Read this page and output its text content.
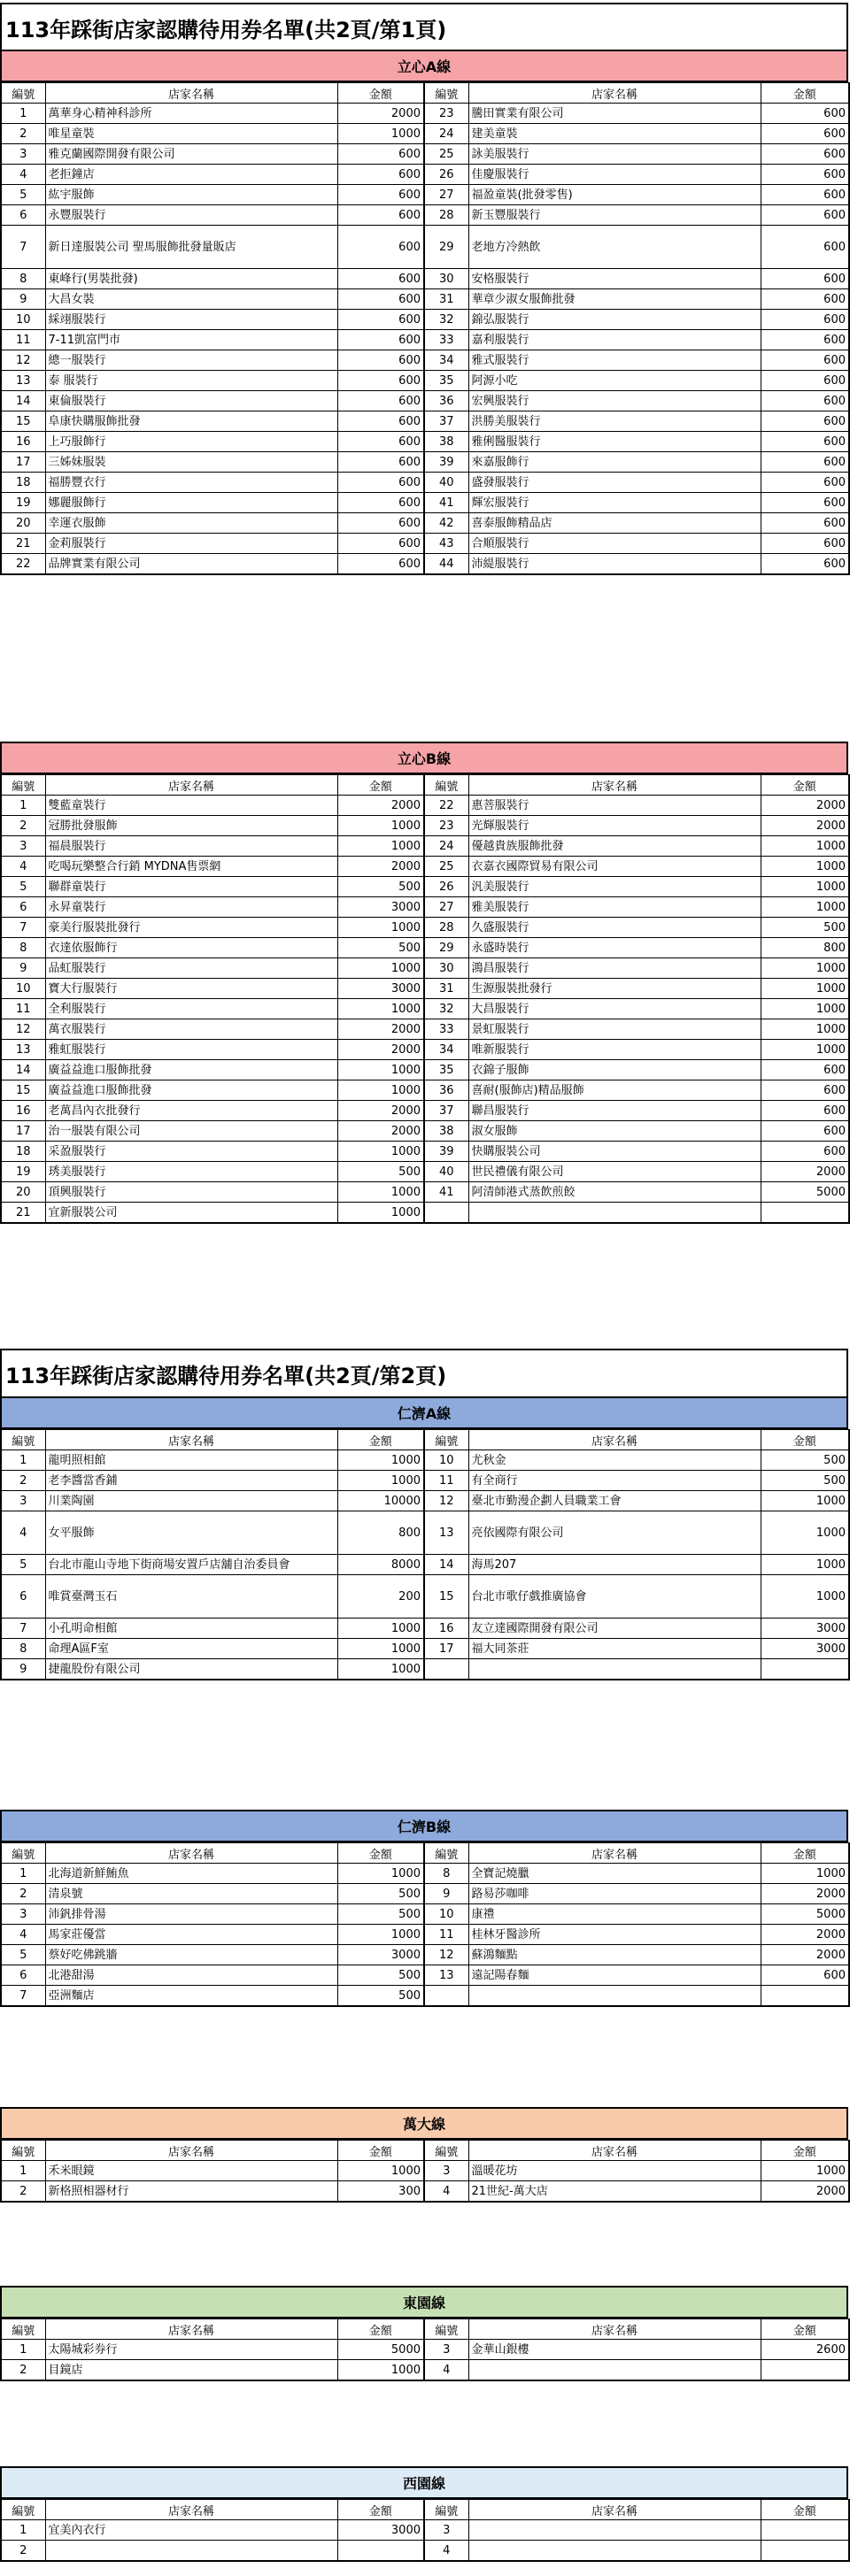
113年踩街店家認購待用券名單(共2頁/第1頁)
立心A線
編號	店家名稱	金額	編號	店家名稱	金額
1	萬華身心精神科診所	2000	23	騰田實業有限公司	600
2	唯星童裝	1000	24	建美童裝	600
3	雅克蘭國際開發有限公司	600	25	詠美服裝行	600
4	老拒鐘店	600	26	佳慶服裝行	600
5	紘宇服飾	600	27	福盈童裝(批發零售)	600
6	永豐服裝行	600	28	新玉豐服裝行	600
7	新日達服裝公司 聖馬服飾批發量販店	600	29	老地方冷熱飲	600
8	東峰行(男裝批發)	600	30	安格服裝行	600
9	大昌女裝	600	31	華章少淑女服飾批發	600
10	綵翊服裝行	600	32	錦弘服裝行	600
11	7-11凱富門市	600	33	嘉利服裝行	600
12	總一服裝行	600	34	雅式服裝行	600
13	泰 服裝行	600	35	阿源小吃	600
14	東倫服裝行	600	36	宏興服裝行	600
15	阜康快購服飾批發	600	37	洪勝美服裝行	600
16	上巧服飾行	600	38	雅俐醫服裝行	600
17	三姊妹服裝	600	39	來嘉服飾行	600
18	福勝豐衣行	600	40	盛發服裝行	600
19	娜麗服飾行	600	41	輝宏服裝行	600
20	幸運衣服飾	600	42	喜泰服飾精品店	600
21	金莉服裝行	600	43	合順服裝行	600
22	品牌實業有限公司	600	44	沛緹服裝行	600
立心B線
編號	店家名稱	金額	編號	店家名稱	金額
1	雙藍童裝行	2000	22	惠菩服裝行	2000
2	冠勝批發服飾	1000	23	光輝服裝行	2000
3	福晨服裝行	1000	24	優越貴族服飾批發	1000
4	吃喝玩樂整合行銷 MYDNA售票網	2000	25	衣嘉衣國際貿易有限公司	1000
5	聯群童裝行	500	26	汎美服裝行	1000
6	永昇童裝行	3000	27	雅美服裝行	1000
7	豪美行服裝批發行	1000	28	久盛服裝行	500
8	衣達依服飾行	500	29	永盛時裝行	800
9	品虹服裝行	1000	30	鴻昌服裝行	1000
10	寶大行服裝行	3000	31	生源服裝批發行	1000
11	全利服裝行	1000	32	大昌服裝行	1000
12	萬衣服裝行	2000	33	景虹服裝行	1000
13	雅虹服裝行	2000	34	唯新服裝行	1000
14	廣益益進口服飾批發	1000	35	衣錦子服飾	600
15	廣益益進口服飾批發	1000	36	喜耐(服飾店)精品服飾	600
16	老萬昌內衣批發行	2000	37	聯昌服裝行	600
17	治一服裝有限公司	2000	38	淑女服飾	600
18	采盈服裝行	1000	39	快購服裝公司	600
19	琇美服裝行	500	40	世民禮儀有限公司	2000
20	頂興服裝行	1000	41	阿清師港式蒸飲煎餃	5000
21	宜新服裝公司	1000		

113年踩街店家認購待用券名單(共2頁/第2頁)
仁濟A線
編號	店家名稱	金額	編號	店家名稱	金額
1	龍明照相館	1000	10	尤秋金	500
2	老李醬當香鋪	1000	11	有全商行	500
3	川業陶園	10000	12	臺北市勤漫企劃人員職業工會	1000
4	女平服飾	800	13	亮依國際有限公司	1000
5	台北市龍山寺地下街商場安置戶店舖自治委員會	8000	14	海馬207	1000
6	唯賞臺灣玉石	200	15	台北市歌仔戲推廣協會	1000
7	小孔明命相館	1000	16	友立達國際開發有限公司	3000
8	命理A區F室	1000	17	福大同茶莊	3000
9	捷龍股份有限公司	1000		

仁濟B線
編號	店家名稱	金額	編號	店家名稱	金額
1	北海道新鮮鮪魚	1000	8	全寶記燒臘	1000
2	清泉號	500	9	路易莎咖啡	2000
3	沛釩排骨湯	500	10	康禮	5000
4	馬家莊優當	1000	11	桂林牙醫診所	2000
5	蔡好吃佛跳牆	3000	12	蘇鴻麵點	2000
6	北港甜湯	500	13	遠記陽春麵	600
7	亞洲麵店	500		

萬大線
編號	店家名稱	金額	編號	店家名稱	金額
1	禾米眼鏡	1000	3	溫暖花坊	1000
2	新格照相器材行	300	4	21世紀-萬大店	2000
東園線
編號	店家名稱	金額	編號	店家名稱	金額
1	太陽城彩券行	5000	3	金華山銀樓	2600
2	目鏡店	1000	4	

西園線
編號	店家名稱	金額	編號	店家名稱	金額
1	宜美內衣行	3000	3	

2			4	
